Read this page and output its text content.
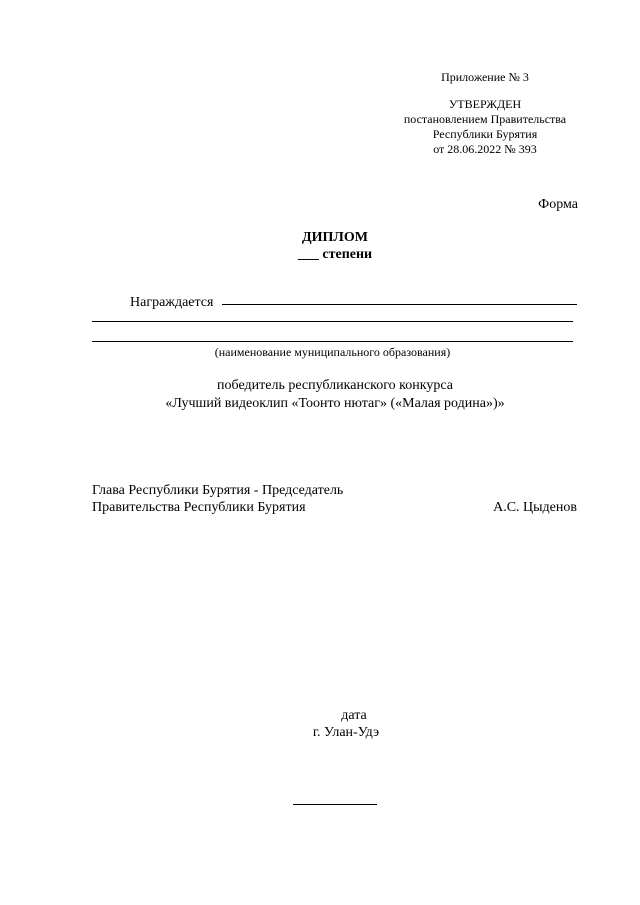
Приложение № 3
УТВЕРЖДЕН
постановлением Правительства
Республики Бурятия
от 28.06.2022 № 393
Форма
ДИПЛОМ
___ степени
Награждается
(наименование муниципального образования)
победитель республиканского конкурса
«Лучший видеоклип «Тоонто нютаг» («Малая родина»)»
Глава Республики Бурятия - Председатель
Правительства Республики Бурятия	А.С. Цыденов
дата
г. Улан-Удэ
